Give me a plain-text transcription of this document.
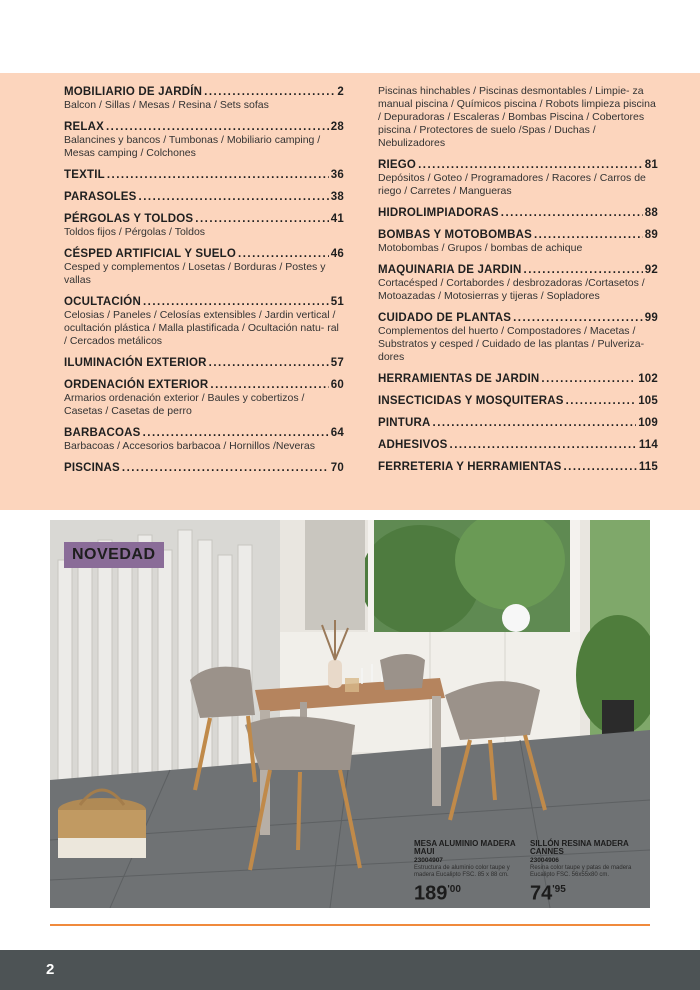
MOBILIARIO DE JARDÍN .....	2
Balcon / Sillas / Mesas / Resina / Sets sofas
RELAX .....	28
Balancines y bancos / Tumbonas / Mobiliario camping / Mesas camping / Colchones
TEXTIL .....	36
PARASOLES .....	38
PÉRGOLAS Y TOLDOS .....	41
Toldos fijos / Pérgolas / Toldos
CÉSPED ARTIFICIAL Y SUELO .....	46
Cesped y complementos / Losetas / Borduras / Postes y vallas
OCULTACIÓN .....	51
Celosias / Paneles / Celosías extensibles / Jardin vertical / ocultación plástica / Malla plastificada / Ocultación natu- ral / Cercados metálicos
ILUMINACIÓN EXTERIOR .....	57
ORDENACIÓN EXTERIOR .....	60
Armarios ordenación exterior / Baules y cobertizos / Casetas / Casetas de perro
BARBACOAS .....	64
Barbacoas / Accesorios barbacoa / Hornillos /Neveras
PISCINAS .....	70
Piscinas hinchables / Piscinas desmontables / Limpie- za manual piscina / Químicos piscina / Robots limpieza piscina / Depuradoras / Escaleras / Bombas Piscina / Cobertores piscina / Protectores de suelo /Spas / Duchas / Nebulizadores
RIEGO .....	81
Depósitos / Goteo / Programadores / Racores / Carros de riego / Carretes / Mangueras
HIDROLIMPIADORAS .....	88
BOMBAS Y MOTOBOMBAS .....	89
Motobombas / Grupos / bombas de achique
MAQUINARIA DE JARDIN .....	92
Cortacésped / Cortabordes / desbrozadoras /Cortasetos / Motoazadas / Motosierras y tijeras / Sopladores
CUIDADO DE PLANTAS .....	99
Complementos del huerto / Compostadores / Macetas / Substratos y cesped / Cuidado de las plantas / Pulveriza- dores
HERRAMIENTAS DE JARDIN .....	102
INSECTICIDAS Y MOSQUITERAS .....	105
PINTURA .....	109
ADHESIVOS .....	114
FERRETERIA Y HERRAMIENTAS .....	115
NOVEDAD
MESA ALUMINIO MADERA MAUI
23004907
Estructura de aluminio color taupe y madera Eucalipto FSC. 85 x 88 cm.
$189^{'00}$
SILLÓN RESINA MADERA CANNES
23004906
Resina color taupe y patas de madera Eucalipto FSC. 56x55x80 cm.
$74^{'95}$
2
